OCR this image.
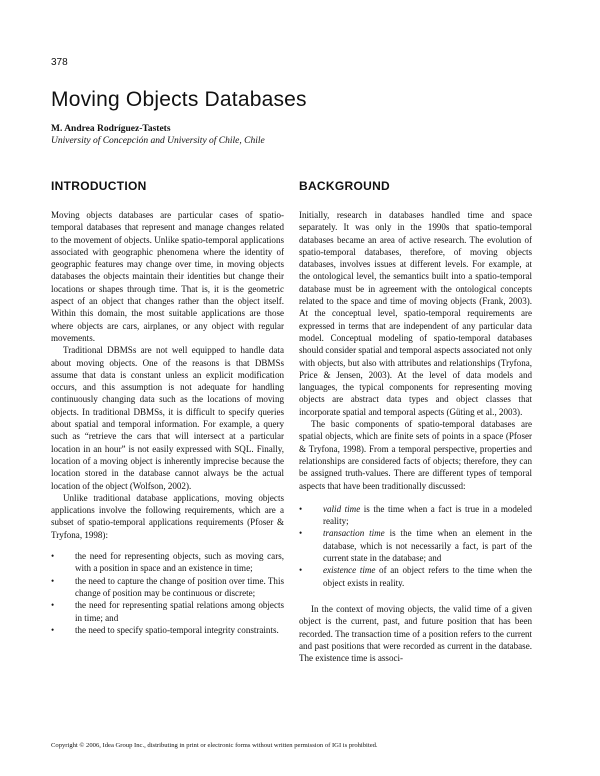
378
Moving Objects Databases
M. Andrea Rodríguez-Tastets
University of Concepción and University of Chile, Chile
INTRODUCTION

Moving objects databases are particular cases of spatio-temporal databases that represent and manage changes related to the movement of objects. Unlike spatio-temporal applications associated with geographic phenomena where the identity of geographic features may change over time, in moving objects databases the objects maintain their identities but change their locations or shapes through time. That is, it is the geometric aspect of an object that changes rather than the object itself. Within this domain, the most suitable applications are those where objects are cars, airplanes, or any object with regular movements.

Traditional DBMSs are not well equipped to handle data about moving objects. One of the reasons is that DBMSs assume that data is constant unless an explicit modification occurs, and this assumption is not adequate for handling continuously changing data such as the locations of moving objects. In traditional DBMSs, it is difficult to specify queries about spatial and temporal information. For example, a query such as “retrieve the cars that will intersect at a particular location in an hour” is not easily expressed with SQL. Finally, location of a moving object is inherently imprecise because the location stored in the database cannot always be the actual location of the object (Wolfson, 2002).

Unlike traditional database applications, moving objects applications involve the following requirements, which are a subset of spatio-temporal applications requirements (Pfoser & Tryfona, 1998):

• the need for representing objects, such as moving cars, with a position in space and an existence in time;
• the need to capture the change of position over time. This change of position may be continuous or discrete;
• the need for representing spatial relations among objects in time; and
• the need to specify spatio-temporal integrity constraints.
BACKGROUND

Initially, research in databases handled time and space separately. It was only in the 1990s that spatio-temporal databases became an area of active research. The evolution of spatio-temporal databases, therefore, of moving objects databases, involves issues at different levels. For example, at the ontological level, the semantics built into a spatio-temporal database must be in agreement with the ontological concepts related to the space and time of moving objects (Frank, 2003). At the conceptual level, spatio-temporal requirements are expressed in terms that are independent of any particular data model. Conceptual modeling of spatio-temporal databases should consider spatial and temporal aspects associated not only with objects, but also with attributes and relationships (Tryfona, Price & Jensen, 2003). At the level of data models and languages, the typical components for representing moving objects are abstract data types and object classes that incorporate spatial and temporal aspects (Güting et al., 2003).

The basic components of spatio-temporal databases are spatial objects, which are finite sets of points in a space (Pfoser & Tryfona, 1998). From a temporal perspective, properties and relationships are considered facts of objects; therefore, they can be assigned truth-values. There are different types of temporal aspects that have been traditionally discussed:

• valid time is the time when a fact is true in a modeled reality;
• transaction time is the time when an element in the database, which is not necessarily a fact, is part of the current state in the database; and
• existence time of an object refers to the time when the object exists in reality.

In the context of moving objects, the valid time of a given object is the current, past, and future position that has been recorded. The transaction time of a position refers to the current and past positions that were recorded as current in the database. The existence time is associ-

Copyright © 2006, Idea Group Inc., distributing in print or electronic forms without written permission of IGI is prohibited.
